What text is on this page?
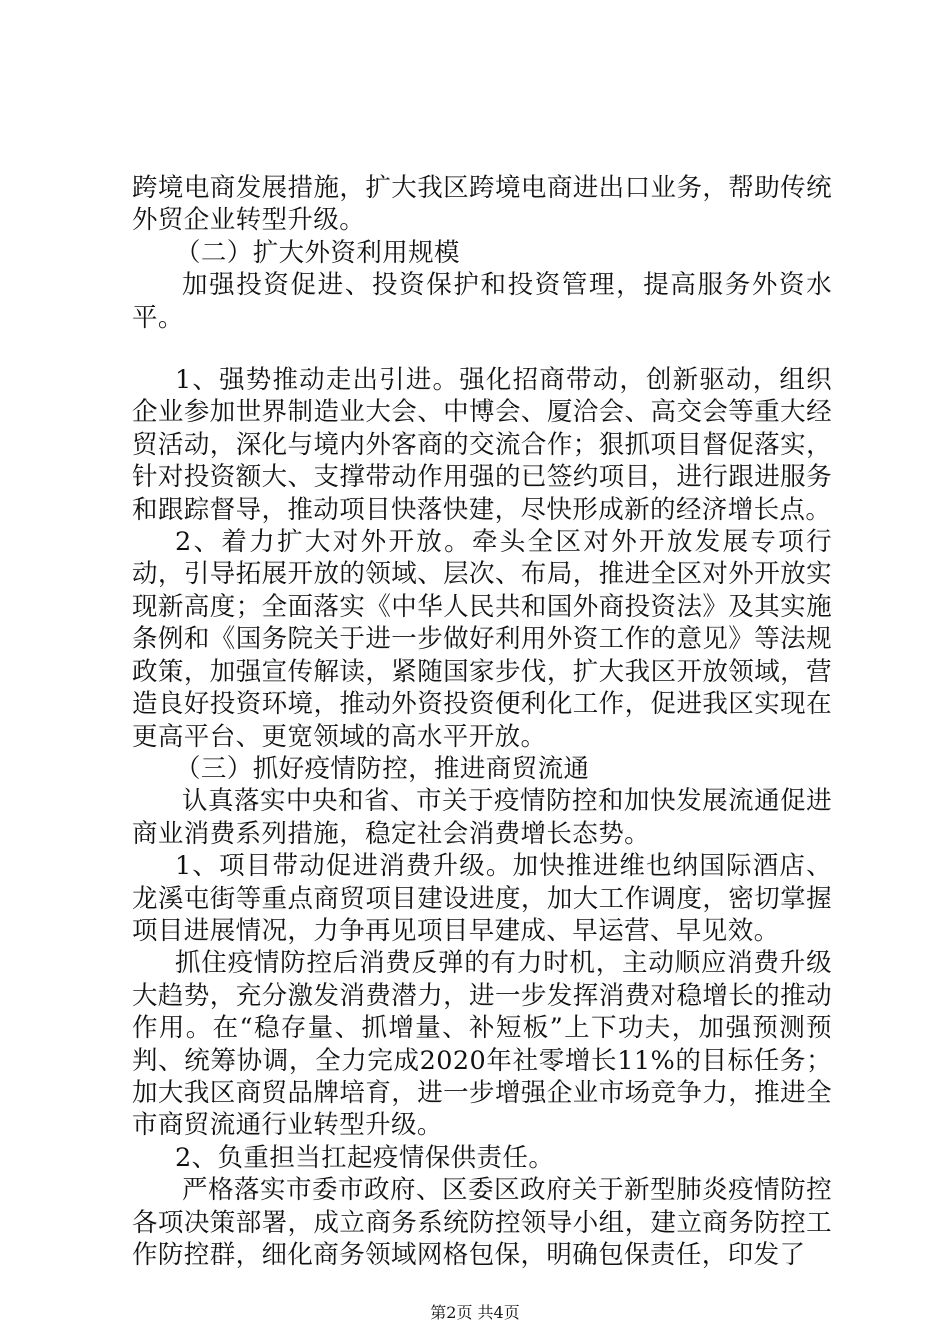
跨境电商发展措施，扩大我区跨境电商进出口业务，帮助传统外贸企业转型升级。

（二）扩大外资利用规模

加强投资促进、投资保护和投资管理，提高服务外资水平。

1、强势推动走出引进。强化招商带动，创新驱动，组织企业参加世界制造业大会、中博会、厦洽会、高交会等重大经贸活动，深化与境内外客商的交流合作；狠抓项目督促落实，针对投资额大、支撑带动作用强的已签约项目，进行跟进服务和跟踪督导，推动项目快落快建，尽快形成新的经济增长点。

2、着力扩大对外开放。牵头全区对外开放发展专项行动，引导拓展开放的领域、层次、布局，推进全区对外开放实现新高度；全面落实《中华人民共和国外商投资法》及其实施条例和《国务院关于进一步做好利用外资工作的意见》等法规政策，加强宣传解读，紧随国家步伐，扩大我区开放领域，营造良好投资环境，推动外资投资便利化工作，促进我区实现在更高平台、更宽领域的高水平开放。

（三）抓好疫情防控，推进商贸流通

认真落实中央和省、市关于疫情防控和加快发展流通促进商业消费系列措施，稳定社会消费增长态势。

1、项目带动促进消费升级。加快推进维也纳国际酒店、龙溪屯街等重点商贸项目建设进度，加大工作调度，密切掌握项目进展情况，力争再见项目早建成、早运营、早见效。

抓住疫情防控后消费反弹的有力时机，主动顺应消费升级大趋势，充分激发消费潜力，进一步发挥消费对稳增长的推动作用。在“稳存量、抓增量、补短板”上下功夫，加强预测预判、统筹协调，全力完成2020年社零增长11%的目标任务；加大我区商贸品牌培育，进一步增强企业市场竞争力，推进全市商贸流通行业转型升级。

2、负重担当扛起疫情保供责任。

严格落实市委市政府、区委区政府关于新型肺炎疫情防控各项决策部署，成立商务系统防控领导小组，建立商务防控工作防控群，细化商务领域网格包保，明确包保责任，印发了

第2页 共4页
